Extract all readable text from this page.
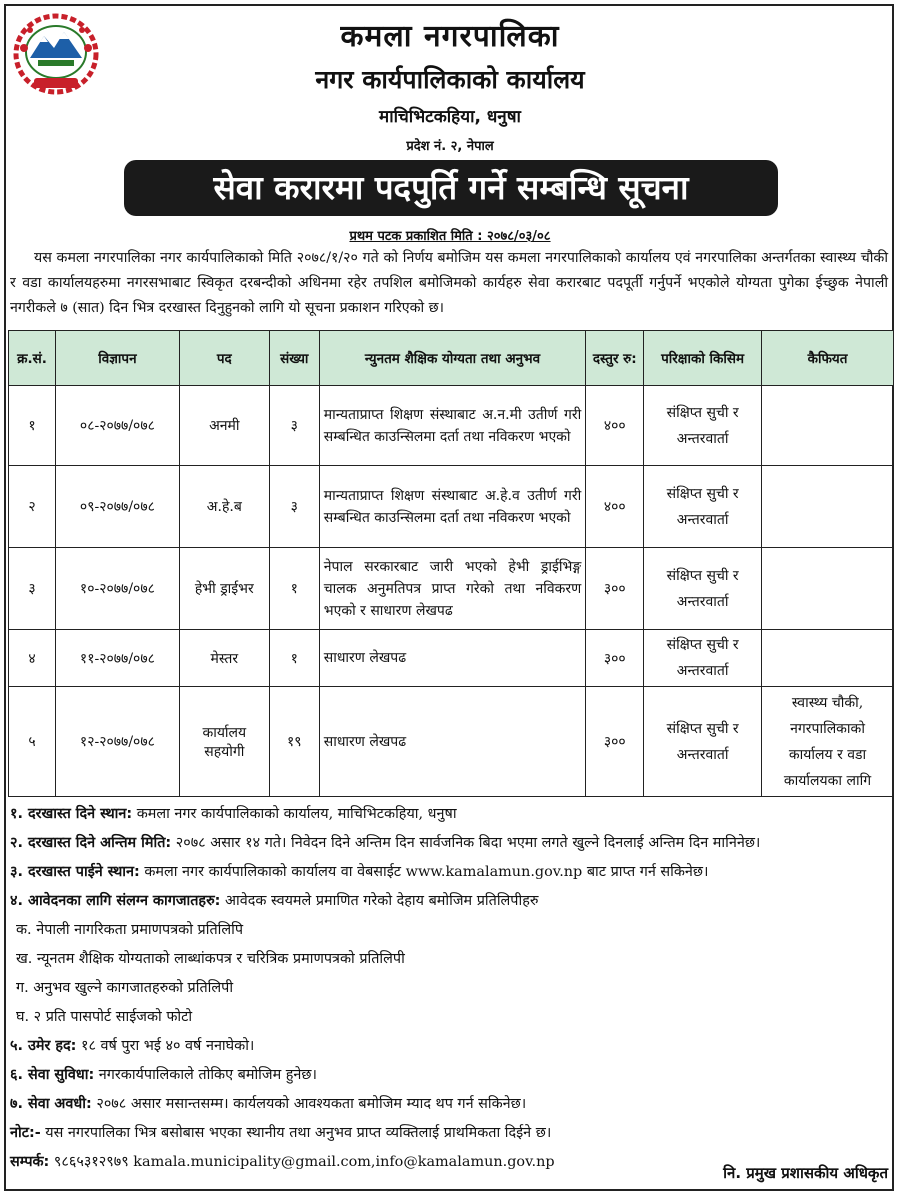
कमला नगरपालिका
नगर कार्यपालिकाको कार्यालय
माचिभिटकहिया, धनुषा
प्रदेश नं. २, नेपाल
सेवा करारमा पदपुर्ति गर्ने सम्बन्धि सूचना
प्रथम पटक प्रकाशित मिति : २०७८/०३/०८
यस कमला नगरपालिका नगर कार्यपालिकाको मिति २०७८/१/२० गते को निर्णय बमोजिम यस कमला नगरपालिकाको कार्यालय एवं नगरपालिका अन्तर्गतका स्वास्थ्य चौकी र वडा कार्यालयहरुमा नगरसभाबाट स्विकृत दरबन्दीको अधिनमा रहेर तपशिल बमोजिमको कार्यहरु सेवा करारबाट पदपूर्ती गर्नुपर्ने भएकोले योग्यता पुगेका ईच्छुक नेपाली नगरीकले ७ (सात) दिन भित्र दरखास्त दिनुहुनको लागि यो सूचना प्रकाशन गरिएको छ।
क्र.सं.	विज्ञापन	पद	संख्या	न्युनतम शैक्षिक योग्यता तथा अनुभव	दस्तुर रु:	परिक्षाको किसिम	कैफियत
१	०८-२०७७/०७८	अनमी	३	मान्यताप्राप्त शिक्षण संस्थाबाट अ.न.मी उतीर्ण गरी सम्बन्धित काउन्सिलमा दर्ता तथा नविकरण भएको	४००	संक्षिप्त सुची र अन्तरवार्ता	
२	०९-२०७७/०७८	अ.हे.ब	३	मान्यताप्राप्त शिक्षण संस्थाबाट अ.हे.व उतीर्ण गरी सम्बन्धित काउन्सिलमा दर्ता तथा नविकरण भएको	४००	संक्षिप्त सुची र अन्तरवार्ता	
३	१०-२०७७/०७८	हेभी ड्राईभर	१	नेपाल सरकारबाट जारी भएको हेभी ड्राईभिङ्ग चालक अनुमतिपत्र प्राप्त गरेको तथा नविकरण भएको र साधारण लेखपढ	३००	संक्षिप्त सुची र अन्तरवार्ता	
४	११-२०७७/०७८	मेस्तर	१	साधारण लेखपढ	३००	संक्षिप्त सुची र अन्तरवार्ता	
५	१२-२०७७/०७८	कार्यालय सहयोगी	१९	साधारण लेखपढ	३००	संक्षिप्त सुची र अन्तरवार्ता	स्वास्थ्य चौकी, नगरपालिकाको कार्यालय र वडा कार्यालयका लागि
१. दरखास्त दिने स्थान: कमला नगर कार्यपालिकाको कार्यालय, माचिभिटकहिया, धनुषा
२. दरखास्त दिने अन्तिम मिति: २०७८ असार १४ गते। निवेदन दिने अन्तिम दिन सार्वजनिक बिदा भएमा लगते खुल्ने दिनलाई अन्तिम दिन मानिनेछ।
३. दरखास्त पाईने स्थान: कमला नगर कार्यपालिकाको कार्यालय वा वेबसाईट www.kamalamun.gov.np बाट प्राप्त गर्न सकिनेछ।
४. आवेदनका लागि संलग्न कागजातहरु: आवेदक स्वयमले प्रमाणित गरेको देहाय बमोजिम प्रतिलिपीहरु
क. नेपाली नागरिकता प्रमाणपत्रको प्रतिलिपि
ख. न्यूनतम शैक्षिक योग्यताको लाब्धांकपत्र र चरित्रिक प्रमाणपत्रको प्रतिलिपी
ग. अनुभव खुल्ने कागजातहरुको प्रतिलिपी
घ. २ प्रति पासपोर्ट साईजको फोटो
५. उमेर हद: १८ वर्ष पुरा भई ४० वर्ष ननाघेको।
६. सेवा सुविधा: नगरकार्यपालिकाले तोकिए बमोजिम हुनेछ।
७. सेवा अवधी: २०७८ असार मसान्तसम्म। कार्यलयको आवश्यकता बमोजिम म्याद थप गर्न सकिनेछ।
नोट:- यस नगरपालिका भित्र बसोबास भएका स्थानीय तथा अनुभव प्राप्त व्यक्तिलाई प्राथमिकता दिईने छ।
सम्पर्क: ९८६५३१२९७९ kamala.municipality@gmail.com,info@kamalamun.gov.np
नि. प्रमुख प्रशासकीय अधिकृत
